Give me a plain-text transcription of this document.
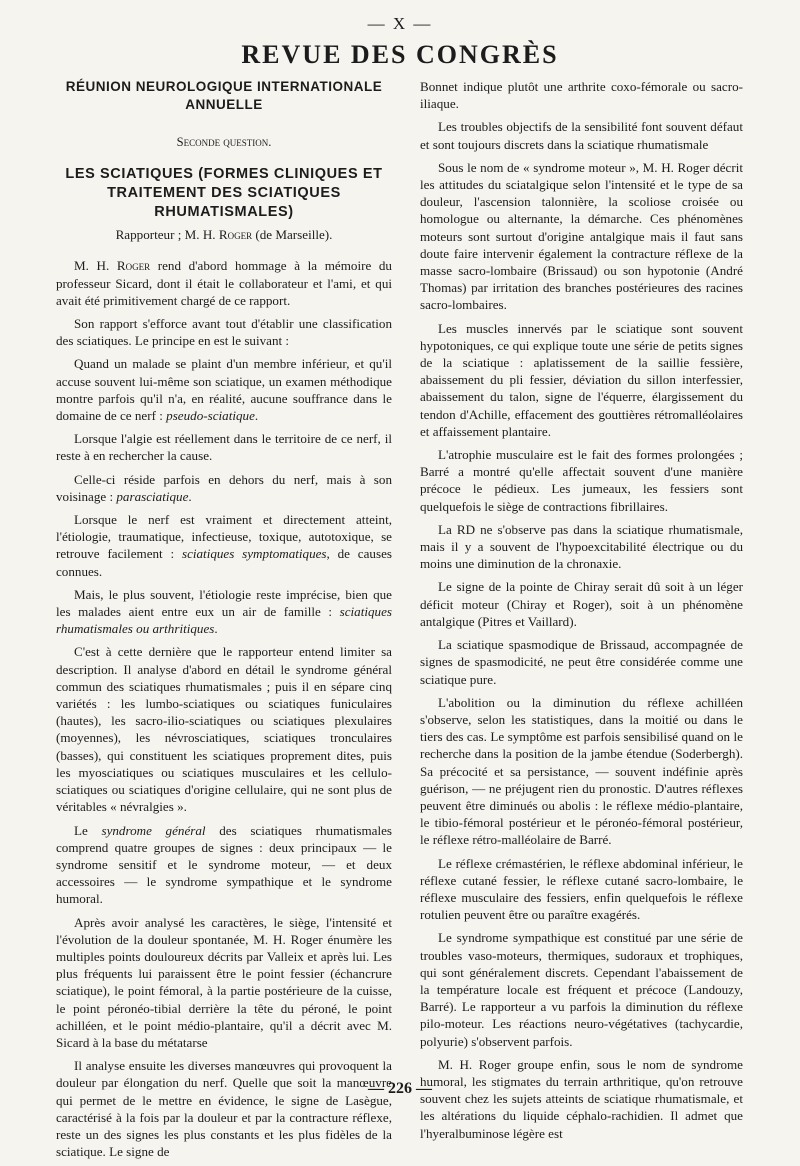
— X —
REVUE DES CONGRÈS
RÉUNION NEUROLOGIQUE INTERNATIONALE ANNUELLE
Seconde question.
LES SCIATIQUES (FORMES CLINIQUES ET TRAITEMENT DES SCIATIQUES RHUMATISMALES)
Rapporteur ; M. H. Roger (de Marseille).

M. H. Roger rend d'abord hommage à la mémoire du professeur Sicard, dont il était le collaborateur et l'ami, et qui avait été primitivement chargé de ce rapport.

Son rapport s'efforce avant tout d'établir une classification des sciatiques. Le principe en est le suivant :

Quand un malade se plaint d'un membre inférieur, et qu'il accuse souvent lui-même son sciatique, un examen méthodique montre parfois qu'il n'a, en réalité, aucune souffrance dans le domaine de ce nerf : pseudo-sciatique.

Lorsque l'algie est réellement dans le territoire de ce nerf, il reste à en rechercher la cause.

Celle-ci réside parfois en dehors du nerf, mais à son voisinage : parasciatique.

Lorsque le nerf est vraiment et directement atteint, l'étiologie, traumatique, infectieuse, toxique, autotoxique, se retrouve facilement : sciatiques symptomatiques, de causes connues.

Mais, le plus souvent, l'étiologie reste imprécise, bien que les malades aient entre eux un air de famille : sciatiques rhumatismales ou arthritiques.

C'est à cette dernière que le rapporteur entend limiter sa description. Il analyse d'abord en détail le syndrome général commun des sciatiques rhumatismales ; puis il en sépare cinq variétés : les lumbo-sciatiques ou sciatiques funiculaires (hautes), les sacro-ilio-sciatiques ou sciatiques plexulaires (moyennes), les névrosciatiques, sciatiques tronculaires (basses), qui constituent les sciatiques proprement dites, puis les myosciatiques ou sciatiques musculaires et les cellulo-sciatiques ou sciatiques d'origine cellulaire, qui ne sont plus de véritables « névralgies ».

Le syndrome général des sciatiques rhumatismales comprend quatre groupes de signes : deux principaux — le syndrome sensitif et le syndrome moteur, — et deux accessoires — le syndrome sympathique et le syndrome humoral.

Après avoir analysé les caractères, le siège, l'intensité et l'évolution de la douleur spontanée, M. H. Roger énumère les multiples points douloureux décrits par Valleix et après lui. Les plus fréquents lui paraissent être le point fessier (échancrure sciatique), le point fémoral, à la partie postérieure de la cuisse, le point péronéo-tibial derrière la tête du péroné, le point achilléen, et le point médio-plantaire, qu'il a décrit avec M. Sicard à la base du métatarse

Il analyse ensuite les diverses manœuvres qui provoquent la douleur par élongation du nerf. Quelle que soit la manœuvre qui permet de le mettre en évidence, le signe de Lasègue, caractérisé à la fois par la douleur et par la contracture réflexe, reste un des signes les plus constants et les plus fidèles de la sciatique. Le signe de

Bonnet indique plutôt une arthrite coxo-fémorale ou sacro-iliaque.

Les troubles objectifs de la sensibilité font souvent défaut et sont toujours discrets dans la sciatique rhumatismale

Sous le nom de « syndrome moteur », M. H. Roger décrit les attitudes du sciatalgique selon l'intensité et le type de sa douleur, l'ascension talonnière, la scoliose croisée ou homologue ou alternante, la démarche. Ces phénomènes moteurs sont surtout d'origine antalgique mais il faut sans doute faire intervenir également la contracture réflexe de la masse sacro-lombaire (Brissaud) ou son hypotonie (André Thomas) par irritation des branches postérieures des racines sacro-lombaires.

Les muscles innervés par le sciatique sont souvent hypotoniques, ce qui explique toute une série de petits signes de la sciatique : aplatissement de la saillie fessière, abaissement du pli fessier, déviation du sillon interfessier, abaissement du talon, signe de l'équerre, élargissement du tendon d'Achille, effacement des gouttières rétromalléolaires et affaissement plantaire.

L'atrophie musculaire est le fait des formes prolongées ; Barré a montré qu'elle affectait souvent d'une manière précoce le pédieux. Les jumeaux, les fessiers sont quelquefois le siège de contractions fibrillaires.

La RD ne s'observe pas dans la sciatique rhumatismale, mais il y a souvent de l'hypoexcitabilité électrique ou du moins une diminution de la chronaxie.

Le signe de la pointe de Chiray serait dû soit à un léger déficit moteur (Chiray et Roger), soit à un phénomène antalgique (Pitres et Vaillard).

La sciatique spasmodique de Brissaud, accompagnée de signes de spasmodicité, ne peut être considérée comme une sciatique pure.

L'abolition ou la diminution du réflexe achilléen s'observe, selon les statistiques, dans la moitié ou dans le tiers des cas. Le symptôme est parfois sensibilisé quand on le recherche dans la position de la jambe étendue (Soderbergh). Sa précocité et sa persistance, — souvent indéfinie après guérison, — ne préjugent rien du pronostic. D'autres réflexes peuvent être diminués ou abolis : le réflexe médio-plantaire, le tibio-fémoral postérieur et le péronéo-fémoral postérieur, le réflexe rétro-malléolaire de Barré.

Le réflexe crémastérien, le réflexe abdominal inférieur, le réflexe cutané fessier, le réflexe cutané sacro-lombaire, le réflexe musculaire des fessiers, enfin quelquefois le réflexe rotulien peuvent être ou paraître exagérés.

Le syndrome sympathique est constitué par une série de troubles vaso-moteurs, thermiques, sudoraux et trophiques, qui sont généralement discrets. Cependant l'abaissement de la température locale est fréquent et précoce (Landouzy, Barré). Le rapporteur a vu parfois la diminution du réflexe pilo-moteur. Les réactions neuro-végétatives (tachycardie, polyurie) s'observent parfois.

M. H. Roger groupe enfin, sous le nom de syndrome humoral, les stigmates du terrain arthritique, qu'on retrouve souvent chez les sujets atteints de sciatique rhumatismale, et les altérations du liquide céphalo-rachidien. Il admet que l'hyeralbuminose légère est

— 226 —
